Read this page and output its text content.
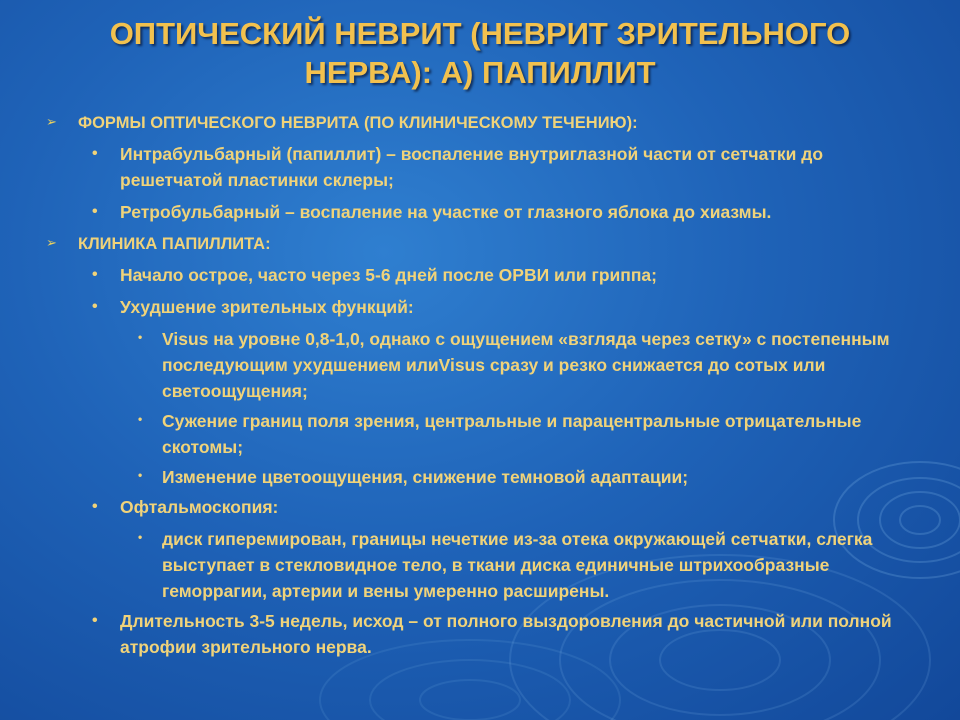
ОПТИЧЕСКИЙ НЕВРИТ (НЕВРИТ ЗРИТЕЛЬНОГО
НЕРВА): А) ПАПИЛЛИТ
➢ ФОРМЫ ОПТИЧЕСКОГО НЕВРИТА (ПО КЛИНИЧЕСКОМУ ТЕЧЕНИЮ):
• Интрабульбарный (папиллит) – воспаление внутриглазной части от сетчатки до решетчатой пластинки склеры;
• Ретробульбарный – воспаление на участке от глазного яблока до хиазмы.
➢ КЛИНИКА ПАПИЛЛИТА:
• Начало острое, часто через 5-6 дней после ОРВИ или гриппа;
• Ухудшение зрительных функций:
• Visus на уровне 0,8-1,0, однако с ощущением «взгляда через сетку» с постепенным последующим ухудшением илиVisus сразу и резко снижается до сотых или светоощущения;
• Сужение границ поля зрения, центральные и парацентральные отрицательные скотомы;
• Изменение цветоощущения, снижение темновой адаптации;
• Офтальмоскопия:
• диск гиперемирован, границы нечеткие из-за отека окружающей сетчатки, слегка выступает в стекловидное тело, в ткани диска единичные штрихообразные геморрагии, артерии и вены умеренно расширены.
• Длительность 3-5 недель, исход – от полного выздоровления до частичной или полной атрофии зрительного нерва.
